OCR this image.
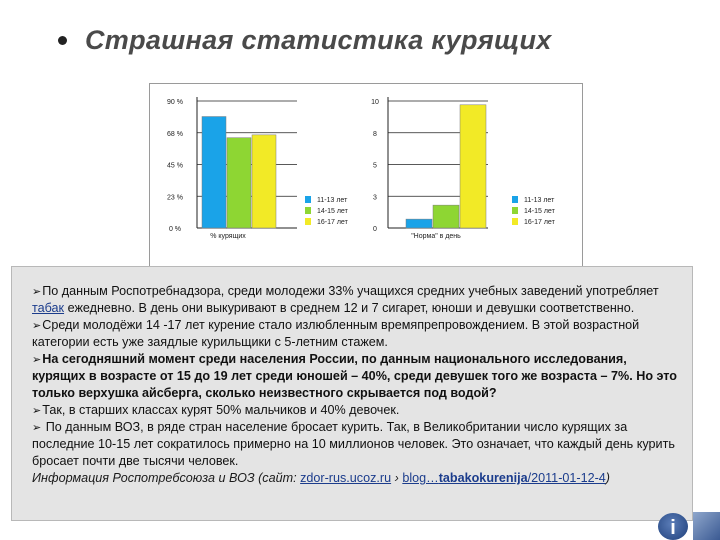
Страшная статистика курящих
90 %
68 %
45 %
23 %
0 %
% курящих
11-13 лет
14-15 лет
16-17 лет
10
8
5
3
0
"Норма" в день
11-13 лет
14-15 лет
16-17 лет

➢По данным Роспотребнадзора, среди молодежи 33% учащихся средних учебных заведений употребляет табак ежедневно. В день они выкуривают в среднем 12 и 7 сигарет, юноши и девушки соответственно.

➢Среди молодёжи 14 -17 лет курение стало излюбленным времяпрепровождением. В этой возрастной категории есть уже заядлые курильщики с 5-летним стажем.

➢На сегодняшний момент среди населения России, по данным национального исследования, курящих в возрасте от 15 до 19 лет среди юношей – 40%, среди девушек того же возраста – 7%. Но это только верхушка айсберга, сколько неизвестного скрывается под водой?

➢Так, в старших классах курят 50% мальчиков и 40% девочек.

➢ По данным ВОЗ, в ряде стран население бросает курить. Так, в Великобритании число курящих за последние 10-15 лет сократилось примерно на 10 миллионов человек. Это означает, что каждый день курить бросает почти две тысячи человек.

Информация Роспотребсоюза и ВОЗ (сайт: zdor-rus.ucoz.ru › blog…tabakokurenija/2011-01-12-4)

i
